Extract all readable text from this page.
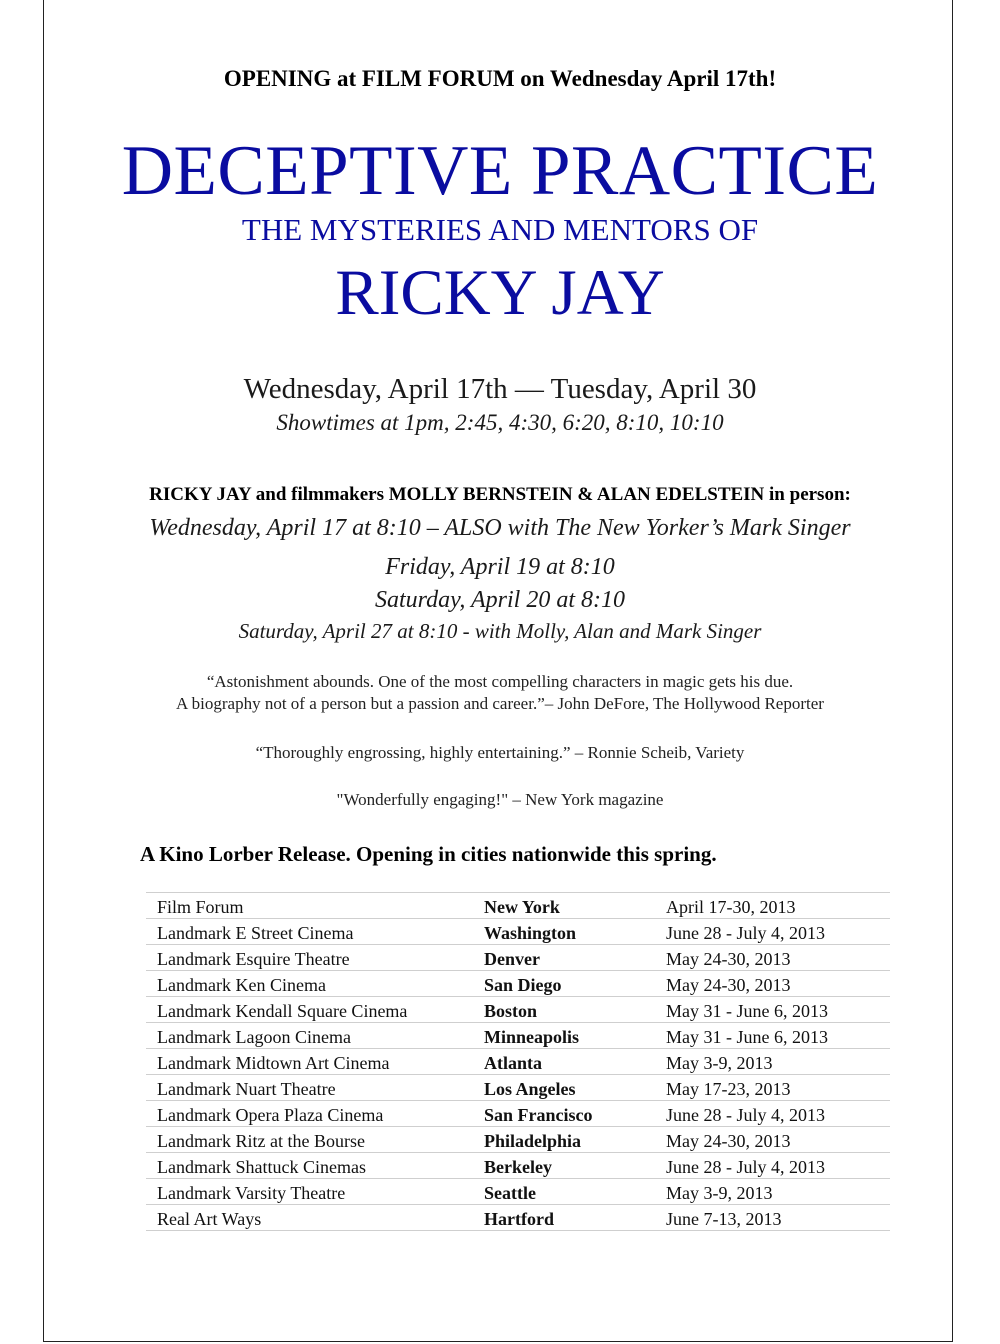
OPENING at FILM FORUM on Wednesday April 17th!
DECEPTIVE PRACTICE
THE MYSTERIES AND MENTORS OF
RICKY JAY
Wednesday, April 17th — Tuesday, April 30
Showtimes at 1pm, 2:45, 4:30, 6:20, 8:10, 10:10
RICKY JAY and filmmakers MOLLY BERNSTEIN & ALAN EDELSTEIN in person:
Wednesday, April 17 at 8:10 – ALSO with The New Yorker’s Mark Singer
Friday, April 19 at 8:10
Saturday, April 20 at 8:10
Saturday, April 27 at 8:10 - with Molly, Alan and Mark Singer
“Astonishment abounds. One of the most compelling characters in magic gets his due.
A biography not of a person but a passion and career.”– John DeFore, The Hollywood Reporter
“Thoroughly engrossing, highly entertaining.” – Ronnie Scheib, Variety
"Wonderfully engaging!" – New York magazine
A Kino Lorber Release. Opening in cities nationwide this spring.
Film Forum	New York	April 17-30, 2013
Landmark E Street Cinema	Washington	June 28 - July 4, 2013
Landmark Esquire Theatre	Denver	May 24-30, 2013
Landmark Ken Cinema	San Diego	May 24-30, 2013
Landmark Kendall Square Cinema	Boston	May 31 - June 6, 2013
Landmark Lagoon Cinema	Minneapolis	May 31 - June 6, 2013
Landmark Midtown Art Cinema	Atlanta	May 3-9, 2013
Landmark Nuart Theatre	Los Angeles	May 17-23, 2013
Landmark Opera Plaza Cinema	San Francisco	June 28 - July 4, 2013
Landmark Ritz at the Bourse	Philadelphia	May 24-30, 2013
Landmark Shattuck Cinemas	Berkeley	June 28 - July 4, 2013
Landmark Varsity Theatre	Seattle	May 3-9, 2013
Real Art Ways	Hartford	June 7-13, 2013
